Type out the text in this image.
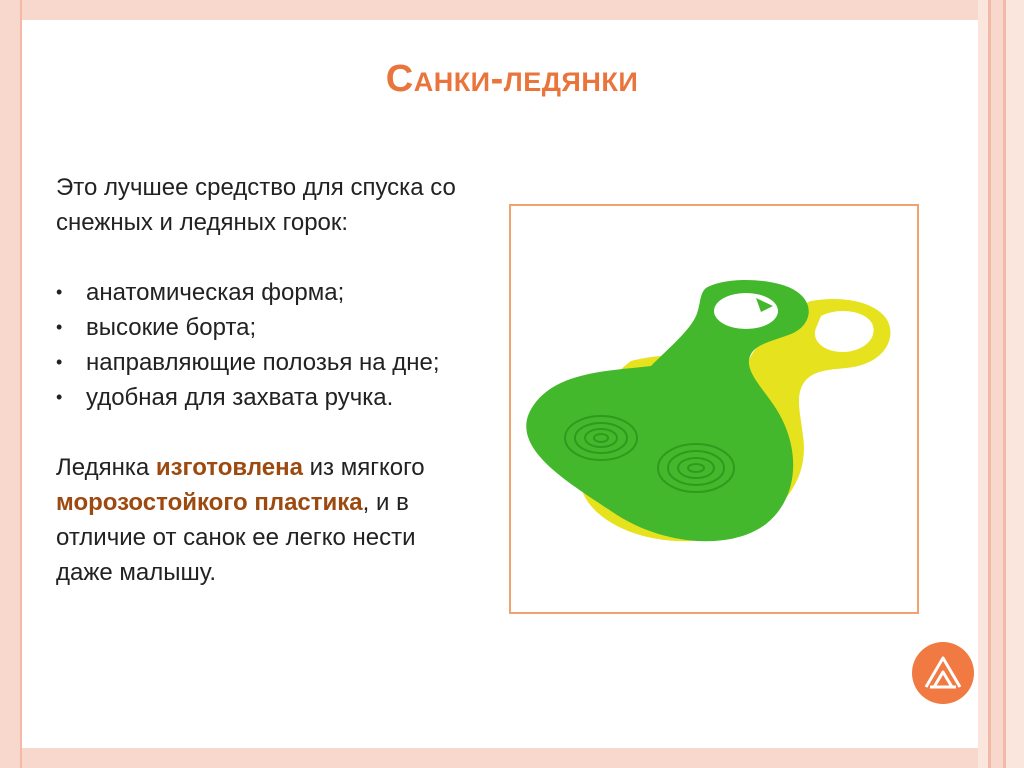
Санки-ледянки

Это лучшее средство для спуска со снежных и ледяных горок:

• анатомическая форма;
• высокие борта;
• направляющие полозья на дне;
• удобная для захвата ручка.

Ледянка изготовлена из мягкого морозостойкого пластика, и в отличие от санок ее легко нести даже малышу.
